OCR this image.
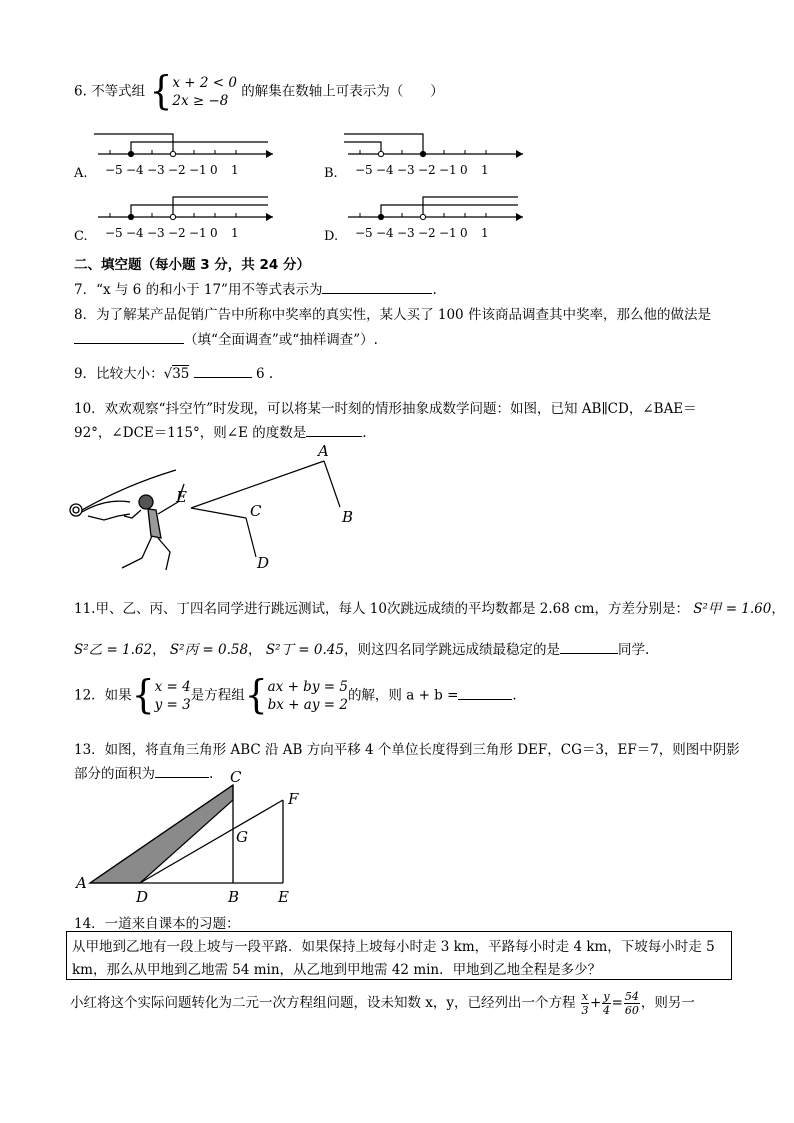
6. 不等式组 { x + 2 < 0
2x ≥ −8
的解集在数轴上可表示为（　　）
A. −5 −4 −3 −2 −1 0 1	B. −5 −4 −3 −2 −1 0 1
C. −5 −4 −3 −2 −1 0 1	D. −5 −4 −3 −2 −1 0 1
二、填空题（每小题 3 分，共 24 分）
7．“x 与 6 的和小于 17”用不等式表示为	.
8．为了解某产品促销广告中所称中奖率的真实性，某人买了 100 件该商品调查其中奖率，那么他的做法是
（填“全面调查”或“抽样调查”）.
9．比较大小：√35	6 .
10．欢欢观察“抖空竹”时发现，可以将某一时刻的情形抽象成数学问题：如图，已知 AB∥CD，∠BAE＝
92°，∠DCE＝115°，则∠E 的度数是	.
A
B
C
D
E
11.甲、乙、丙、丁四名同学进行跳远测试，每人 10次跳远成绩的平均数都是 2.68 cm，方差分别是： S²甲 = 1.60，
S²乙 = 1.62， S²丙 = 0.58， S²丁 = 0.45，则这四名同学跳远成绩最稳定的是	同学.
12．如果{ x = 4
y = 3
是方程组{ ax + by = 5
bx + ay = 2
的解，则 a + b =	.
13．如图，将直角三角形 ABC 沿 AB 方向平移 4 个单位长度得到三角形 DEF，CG＝3，EF＝7，则图中阴影
部分的面积为	.
A
D	B	E
C
F
G
14．一道来自课本的习题：
从甲地到乙地有一段上坡与一段平路．如果保持上坡每小时走 3 km，平路每小时走 4 km，下坡每小时走 5
km，那么从甲地到乙地需 54 min，从乙地到甲地需 42 min．甲地到乙地全程是多少？
小红将这个实际问题转化为二元一次方程组问题，设未知数 x，y，已经列出一个方程 $\frac{x}{3} + \frac{y}{4} = \frac{54}{60}$ ，则另一
